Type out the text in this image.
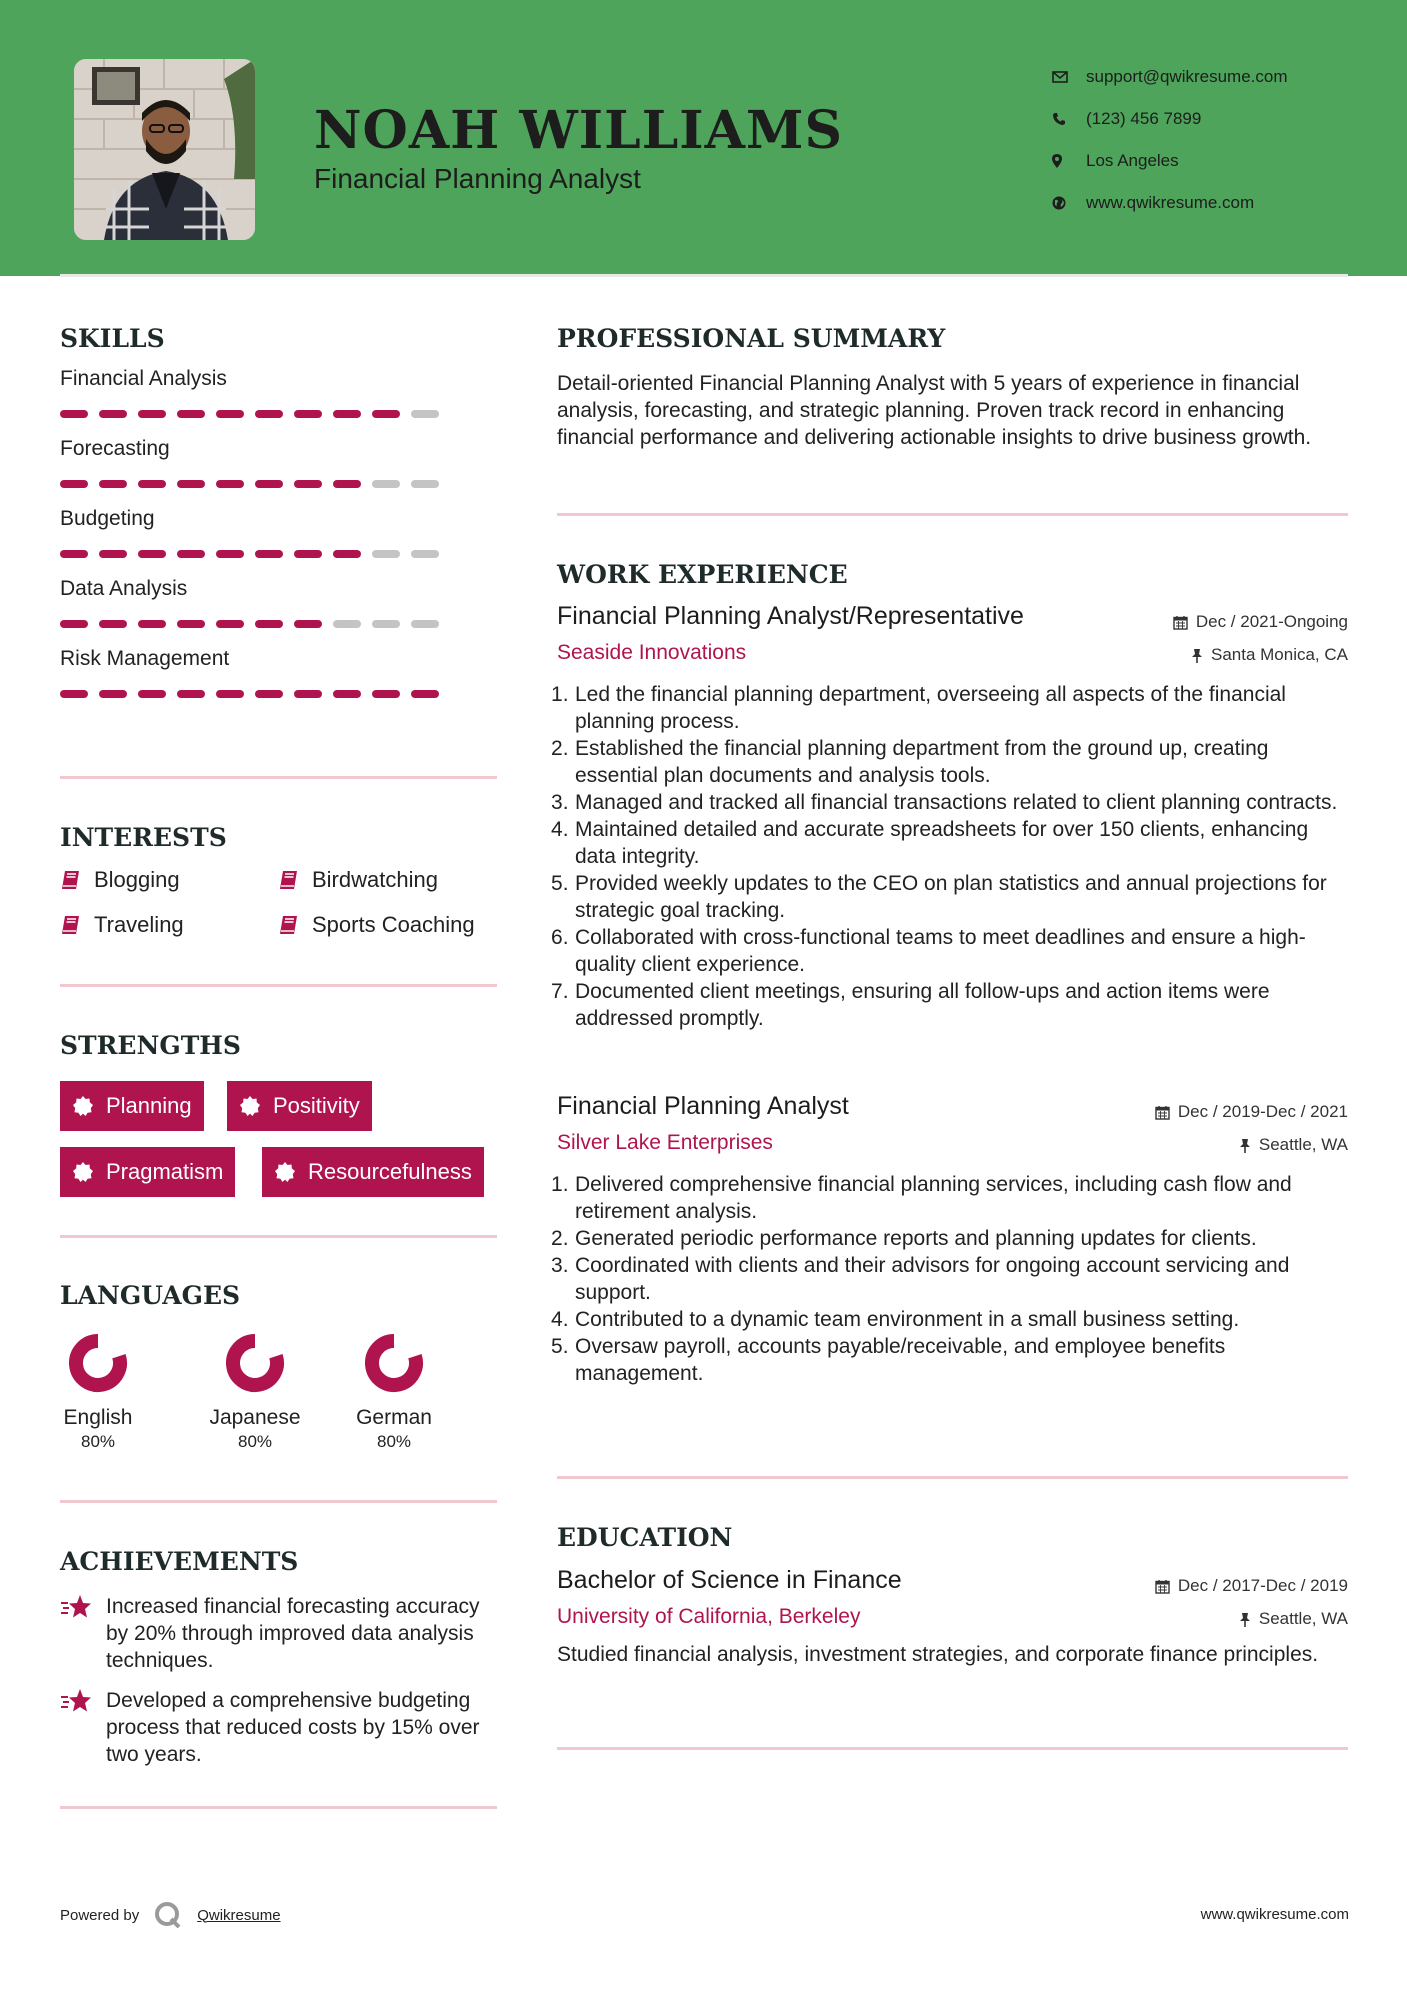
NOAH WILLIAMS
Financial Planning Analyst
support@qwikresume.com
(123) 456 7899
Los Angeles
www.qwikresume.com
SKILLS
Financial Analysis
Forecasting
Budgeting
Data Analysis
Risk Management
INTERESTS
Blogging	Birdwatching
Traveling	Sports Coaching
STRENGTHS
Planning	Positivity
Pragmatism	Resourcefulness
LANGUAGES
English
80%
Japanese
80%
German
80%
ACHIEVEMENTS
Increased financial forecasting accuracy by 20% through improved data analysis techniques.
Developed a comprehensive budgeting process that reduced costs by 15% over two years.
PROFESSIONAL SUMMARY
Detail-oriented Financial Planning Analyst with 5 years of experience in financial analysis, forecasting, and strategic planning. Proven track record in enhancing financial performance and delivering actionable insights to drive business growth.
WORK EXPERIENCE
Financial Planning Analyst/Representative	Dec / 2021-Ongoing
Seaside Innovations	Santa Monica, CA
Led the financial planning department, overseeing all aspects of the financial planning process.
Established the financial planning department from the ground up, creating essential plan documents and analysis tools.
Managed and tracked all financial transactions related to client planning contracts.
Maintained detailed and accurate spreadsheets for over 150 clients, enhancing data integrity.
Provided weekly updates to the CEO on plan statistics and annual projections for strategic goal tracking.
Collaborated with cross-functional teams to meet deadlines and ensure a high-quality client experience.
Documented client meetings, ensuring all follow-ups and action items were addressed promptly.
Financial Planning Analyst	Dec / 2019-Dec / 2021
Silver Lake Enterprises	Seattle, WA
Delivered comprehensive financial planning services, including cash flow and retirement analysis.
Generated periodic performance reports and planning updates for clients.
Coordinated with clients and their advisors for ongoing account servicing and support.
Contributed to a dynamic team environment in a small business setting.
Oversaw payroll, accounts payable/receivable, and employee benefits management.
EDUCATION
Bachelor of Science in Finance	Dec / 2017-Dec / 2019
University of California, Berkeley	Seattle, WA
Studied financial analysis, investment strategies, and corporate finance principles.
Powered by	Qwikresume	www.qwikresume.com
